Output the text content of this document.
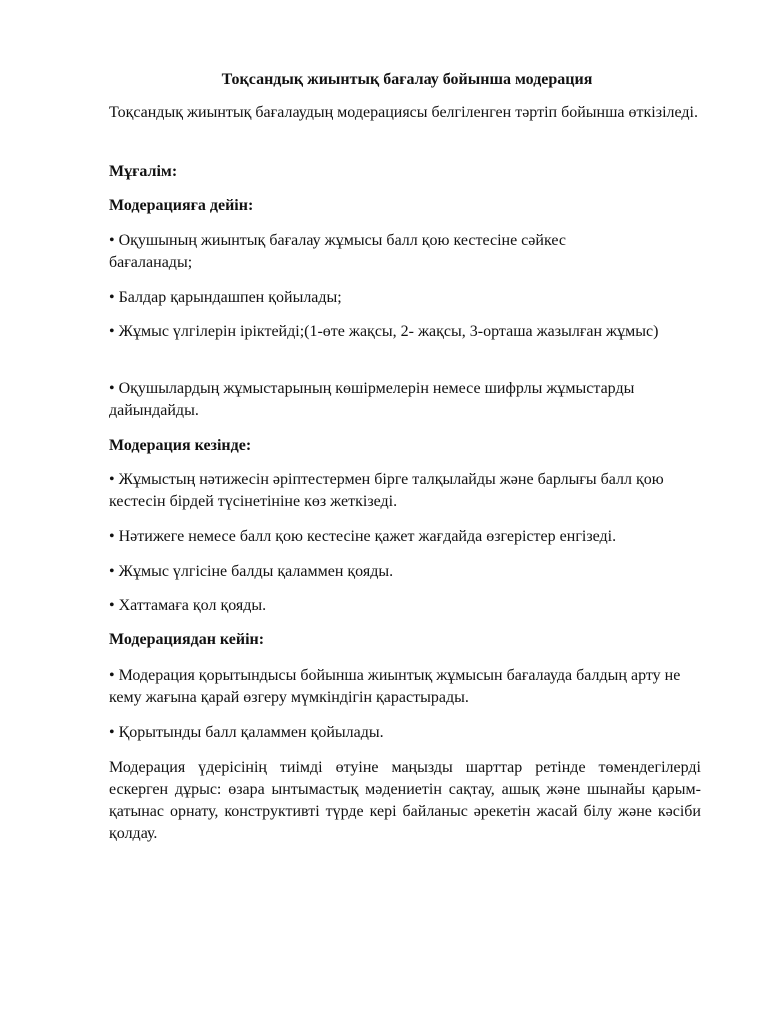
Тоқсандық жиынтық бағалау бойынша модерация

Тоқсандық жиынтық бағалаудың модерациясы белгіленген тәртіп бойынша өткізіледі.

Мұғалім:

Модерацияға дейін:

• Оқушының жиынтық бағалау жұмысы балл қою кестесіне сәйкес бағаланады;

• Балдар қарындашпен қойылады;

• Жұмыс үлгілерін іріктейді;(1-өте жақсы, 2- жақсы, 3-орташа жазылған жұмыс)

• Оқушылардың жұмыстарының көшірмелерін немесе шифрлы жұмыстарды дайындайды.

Модерация кезінде:

• Жұмыстың нәтижесін әріптестермен бірге талқылайды және барлығы балл қою кестесін бірдей түсінетініне көз жеткізеді.

• Нәтижеге немесе балл қою кестесіне қажет жағдайда өзгерістер енгізеді.

• Жұмыс үлгісіне балды қаламмен қояды.

• Хаттамаға қол қояды.

Модерациядан кейін:

• Модерация қорытындысы бойынша жиынтық жұмысын бағалауда балдың арту не кему жағына қарай өзгеру мүмкіндігін қарастырады.

• Қорытынды балл қаламмен қойылады.

Модерация үдерісінің тиімді өтуіне маңызды шарттар ретінде төмендегілерді ескерген дұрыс: өзара ынтымастық мәдениетін сақтау, ашық және шынайы қарым-қатынас орнату, конструктивті түрде кері байланыс әрекетін жасай білу және кәсіби қолдау.
